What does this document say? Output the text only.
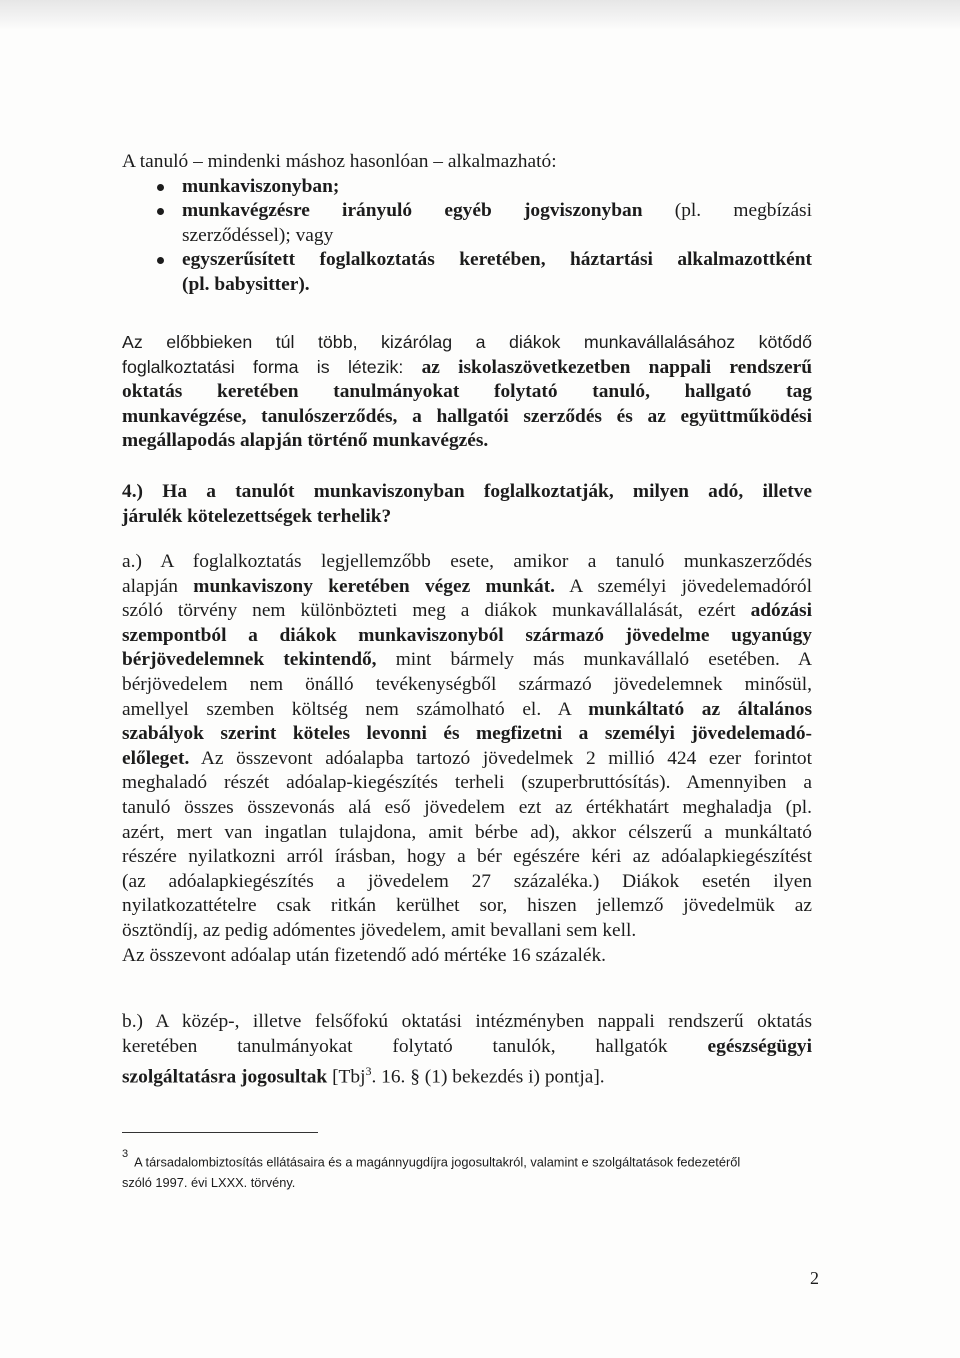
A tanuló – mindenki máshoz hasonlóan – alkalmazható:
munkaviszonyban;
munkavégzésre irányuló egyéb jogviszonyban (pl. megbízási
szerződéssel); vagy
egyszerűsített foglalkoztatás keretében, háztartási alkalmazottként
(pl. babysitter).
Az előbbieken túl több, kizárólag a diákok munkavállalásához kötődő
foglalkoztatási forma is létezik: az iskolaszövetkezetben nappali rendszerű
oktatás keretében tanulmányokat folytató tanuló, hallgató tag
munkavégzése, tanulószerződés, a hallgatói szerződés és az együttműködési
megállapodás alapján történő munkavégzés.
4.) Ha a tanulót munkaviszonyban foglalkoztatják, milyen adó, illetve
járulék kötelezettségek terhelik?
a.) A foglalkoztatás legjellemzőbb esete, amikor a tanuló munkaszerződés
alapján munkaviszony keretében végez munkát. A személyi jövedelemadóról
szóló törvény nem különbözteti meg a diákok munkavállalását, ezért adózási
szempontból a diákok munkaviszonyból származó jövedelme ugyanúgy
bérjövedelemnek tekintendő, mint bármely más munkavállaló esetében. A
bérjövedelem nem önálló tevékenységből származó jövedelemnek minősül,
amellyel szemben költség nem számolható el. A munkáltató az általános
szabályok szerint köteles levonni és megfizetni a személyi jövedelemadó-
előleget. Az összevont adóalapba tartozó jövedelmek 2 millió 424 ezer forintot
meghaladó részét adóalap-kiegészítés terheli (szuperbruttósítás). Amennyiben a
tanuló összes összevonás alá eső jövedelem ezt az értékhatárt meghaladja (pl.
azért, mert van ingatlan tulajdona, amit bérbe ad), akkor célszerű a munkáltató
részére nyilatkozni arról írásban, hogy a bér egészére kéri az adóalapkiegészítést
(az adóalapkiegészítés a jövedelem 27 százaléka.) Diákok esetén ilyen
nyilatkozattételre csak ritkán kerülhet sor, hiszen jellemző jövedelmük az
ösztöndíj, az pedig adómentes jövedelem, amit bevallani sem kell.
Az összevont adóalap után fizetendő adó mértéke 16 százalék.
b.) A közép-, illetve felsőfokú oktatási intézményben nappali rendszerű oktatás
keretében tanulmányokat folytató tanulók, hallgatók egészségügyi
szolgáltatásra jogosultak [Tbj$^3$. 16. § (1) bekezdés i) pontja].
$^3$A társadalombiztosítás ellátásaira és a magánnyugdíjra jogosultakról, valamint e szolgáltatások fedezetéről
szóló 1997. évi LXXX. törvény.
2
